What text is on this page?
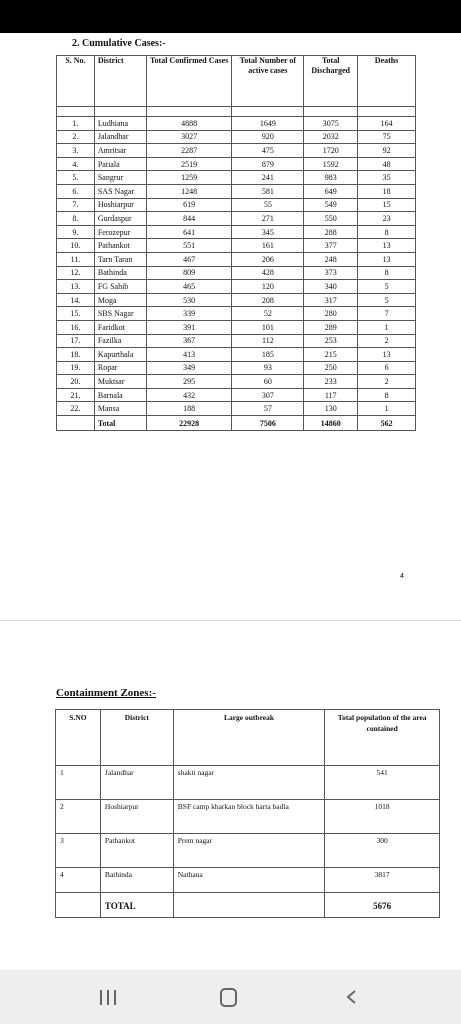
2. Cumulative Cases:-
S. No.	District	Total Confirmed Cases	Total Number of active cases	Total Discharged	Deaths

1.	Ludhiana	4888	1649	3075	164
2.	Jalandhar	3027	920	2032	75
3.	Amritsar	2287	475	1720	92
4.	Patiala	2519	879	1592	48
5.	Sangrur	1259	241	983	35
6.	SAS Nagar	1248	581	649	18
7.	Hoshiarpur	619	55	549	15
8.	Gurdaspur	844	271	550	23
9.	Ferozepur	641	345	288	8
10.	Pathankot	551	161	377	13
11.	Tarn Taran	467	206	248	13
12.	Bathinda	809	428	373	8
13.	FG Sahib	465	120	340	5
14.	Moga	530	208	317	5
15.	SBS Nagar	339	52	280	7
16.	Faridkot	391	101	289	1
17.	Fazilka	367	112	253	2
18.	Kapurthala	413	185	215	13
19.	Ropar	349	93	250	6
20.	Muktsar	295	60	233	2
21.	Barnala	432	307	117	8
22.	Mansa	188	57	130	1
	Total	22928	7506	14860	562
4
Containment Zones:-
S.NO	District	Large outbreak	Total population of the area contained
1	Jalandhar	shakti nagar	541
2	Hoshiarpur	BSF camp kharkan block harta badla	1018
3	Pathankot	Prem nagar	300
4	Bathinda	Nathana	3817
	TOTAL		5676
